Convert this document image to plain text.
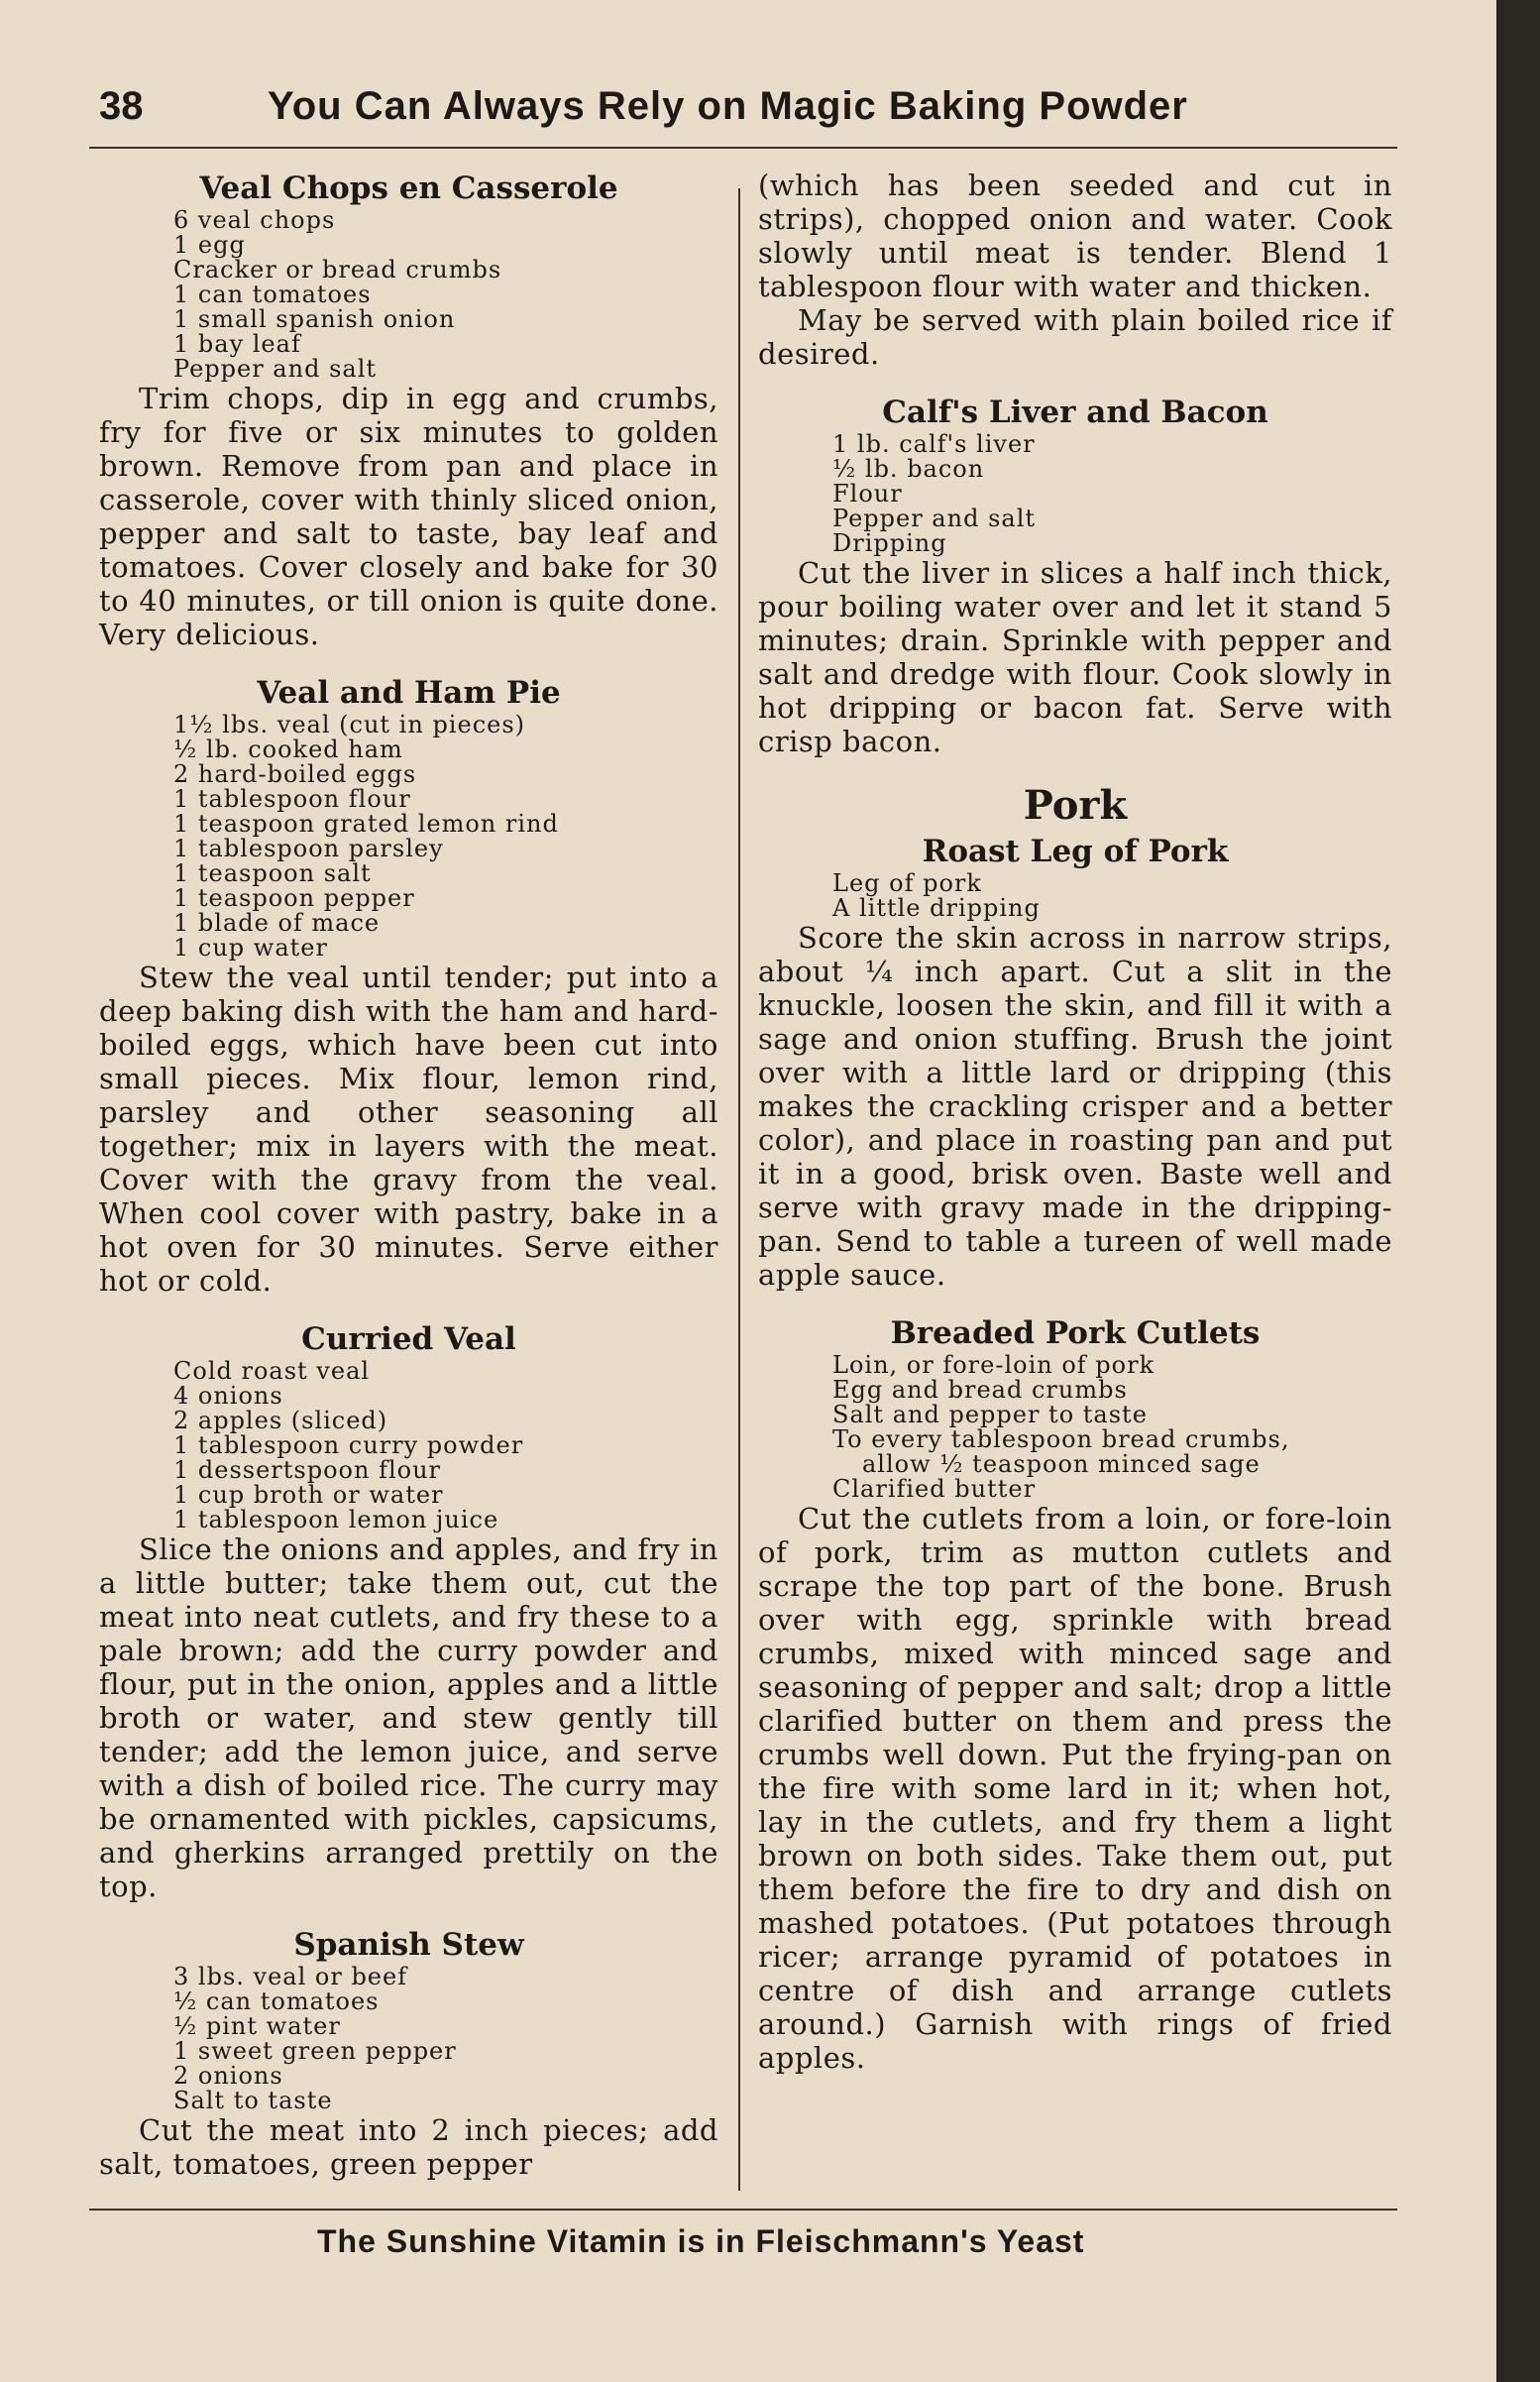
38	You Can Always Rely on Magic Baking Powder
Veal Chops en Casserole
6 veal chops
1 egg
Cracker or bread crumbs
1 can tomatoes
1 small spanish onion
1 bay leaf
Pepper and salt

Trim chops, dip in egg and crumbs, fry for five or six minutes to golden brown. Remove from pan and place in casserole, cover with thinly sliced onion, pepper and salt to taste, bay leaf and tomatoes. Cover closely and bake for 30 to 40 minutes, or till onion is quite done. Very delicious.

Veal and Ham Pie
1½ lbs. veal (cut in pieces)
½ lb. cooked ham
2 hard-boiled eggs
1 tablespoon flour
1 teaspoon grated lemon rind
1 tablespoon parsley
1 teaspoon salt
1 teaspoon pepper
1 blade of mace
1 cup water

Stew the veal until tender; put into a deep baking dish with the ham and hard-boiled eggs, which have been cut into small pieces. Mix flour, lemon rind, parsley and other seasoning all together; mix in layers with the meat. Cover with the gravy from the veal. When cool cover with pastry, bake in a hot oven for 30 minutes. Serve either hot or cold.

Curried Veal
Cold roast veal
4 onions
2 apples (sliced)
1 tablespoon curry powder
1 dessertspoon flour
1 cup broth or water
1 tablespoon lemon juice

Slice the onions and apples, and fry in a little butter; take them out, cut the meat into neat cutlets, and fry these to a pale brown; add the curry powder and flour, put in the onion, apples and a little broth or water, and stew gently till tender; add the lemon juice, and serve with a dish of boiled rice. The curry may be ornamented with pickles, capsicums, and gherkins arranged prettily on the top.

Spanish Stew
3 lbs. veal or beef
½ can tomatoes
½ pint water
1 sweet green pepper
2 onions
Salt to taste

Cut the meat into 2 inch pieces; add salt, tomatoes, green pepper

(which has been seeded and cut in strips), chopped onion and water. Cook slowly until meat is tender. Blend 1 tablespoon flour with water and thicken.

May be served with plain boiled rice if desired.

Calf's Liver and Bacon
1 lb. calf's liver
½ lb. bacon
Flour
Pepper and salt
Dripping

Cut the liver in slices a half inch thick, pour boiling water over and let it stand 5 minutes; drain. Sprinkle with pepper and salt and dredge with flour. Cook slowly in hot dripping or bacon fat. Serve with crisp bacon.

Pork
Roast Leg of Pork
Leg of pork
A little dripping

Score the skin across in narrow strips, about ¼ inch apart. Cut a slit in the knuckle, loosen the skin, and fill it with a sage and onion stuffing. Brush the joint over with a little lard or dripping (this makes the crackling crisper and a better color), and place in roasting pan and put it in a good, brisk oven. Baste well and serve with gravy made in the dripping-pan. Send to table a tureen of well made apple sauce.

Breaded Pork Cutlets
Loin, or fore-loin of pork
Egg and bread crumbs
Salt and pepper to taste
To every tablespoon bread crumbs,
allow ½ teaspoon minced sage
Clarified butter

Cut the cutlets from a loin, or fore-loin of pork, trim as mutton cutlets and scrape the top part of the bone. Brush over with egg, sprinkle with bread crumbs, mixed with minced sage and seasoning of pepper and salt; drop a little clarified butter on them and press the crumbs well down. Put the frying-pan on the fire with some lard in it; when hot, lay in the cutlets, and fry them a light brown on both sides. Take them out, put them before the fire to dry and dish on mashed potatoes. (Put potatoes through ricer; arrange pyramid of potatoes in centre of dish and arrange cutlets around.) Garnish with rings of fried apples.

The Sunshine Vitamin is in Fleischmann's Yeast
